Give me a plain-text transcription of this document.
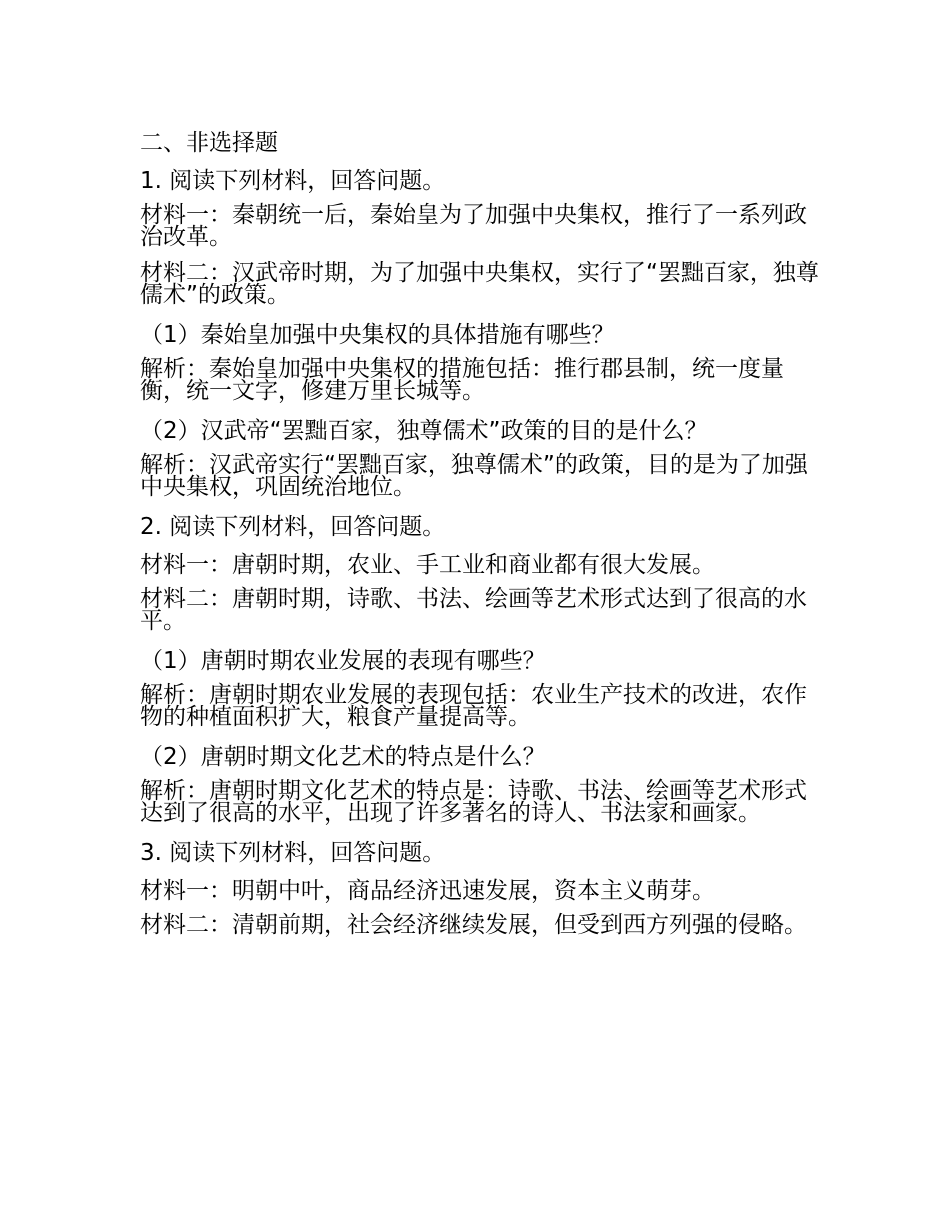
二、非选择题
1. 阅读下列材料，回答问题。
材料一：秦朝统一后，秦始皇为了加强中央集权，推行了一系列政治改革。
材料二：汉武帝时期，为了加强中央集权，实行了“罢黜百家，独尊儒术”的政策。
（1）秦始皇加强中央集权的具体措施有哪些？
解析：秦始皇加强中央集权的措施包括：推行郡县制，统一度量衡，统一文字，修建万里长城等。
（2）汉武帝“罢黜百家，独尊儒术”政策的目的是什么？
解析：汉武帝实行“罢黜百家，独尊儒术”的政策，目的是为了加强中央集权，巩固统治地位。
2. 阅读下列材料，回答问题。
材料一：唐朝时期，农业、手工业和商业都有很大发展。
材料二：唐朝时期，诗歌、书法、绘画等艺术形式达到了很高的水平。
（1）唐朝时期农业发展的表现有哪些？
解析：唐朝时期农业发展的表现包括：农业生产技术的改进，农作物的种植面积扩大，粮食产量提高等。
（2）唐朝时期文化艺术的特点是什么？
解析：唐朝时期文化艺术的特点是：诗歌、书法、绘画等艺术形式达到了很高的水平，出现了许多著名的诗人、书法家和画家。
3. 阅读下列材料，回答问题。
材料一：明朝中叶，商品经济迅速发展，资本主义萌芽。
材料二：清朝前期，社会经济继续发展，但受到西方列强的侵略。
